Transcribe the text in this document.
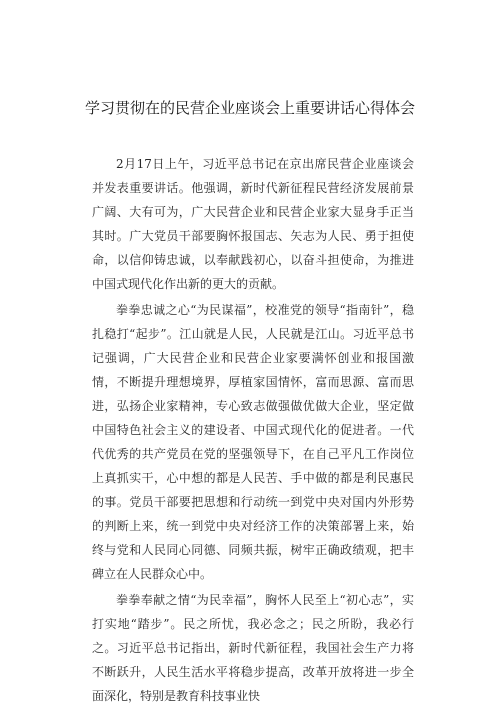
学习贯彻在的民营企业座谈会上重要讲话心得体会

2月17日上午，习近平总书记在京出席民营企业座谈会并发表重要讲话。他强调，新时代新征程民营经济发展前景广阔、大有可为，广大民营企业和民营企业家大显身手正当其时。广大党员干部要胸怀报国志、矢志为人民、勇于担使命，以信仰铸忠诚，以奉献践初心，以奋斗担使命，为推进中国式现代化作出新的更大的贡献。

拳拳忠诚之心“为民谋福”，校准党的领导“指南针”，稳扎稳打“起步”。江山就是人民，人民就是江山。习近平总书记强调，广大民营企业和民营企业家要满怀创业和报国激情，不断提升理想境界，厚植家国情怀，富而思源、富而思进，弘扬企业家精神，专心致志做强做优做大企业，坚定做中国特色社会主义的建设者、中国式现代化的促进者。一代代优秀的共产党员在党的坚强领导下，在自己平凡工作岗位上真抓实干，心中想的都是人民苦、手中做的都是利民惠民的事。党员干部要把思想和行动统一到党中央对国内外形势的判断上来，统一到党中央对经济工作的决策部署上来，始终与党和人民同心同德、同频共振，树牢正确政绩观，把丰碑立在人民群众心中。

拳拳奉献之情“为民幸福”，胸怀人民至上“初心志”，实打实地“踏步”。民之所忧，我必念之；民之所盼，我必行之。习近平总书记指出，新时代新征程，我国社会生产力将不断跃升，人民生活水平将稳步提高，改革开放将进一步全面深化，特别是教育科技事业快
